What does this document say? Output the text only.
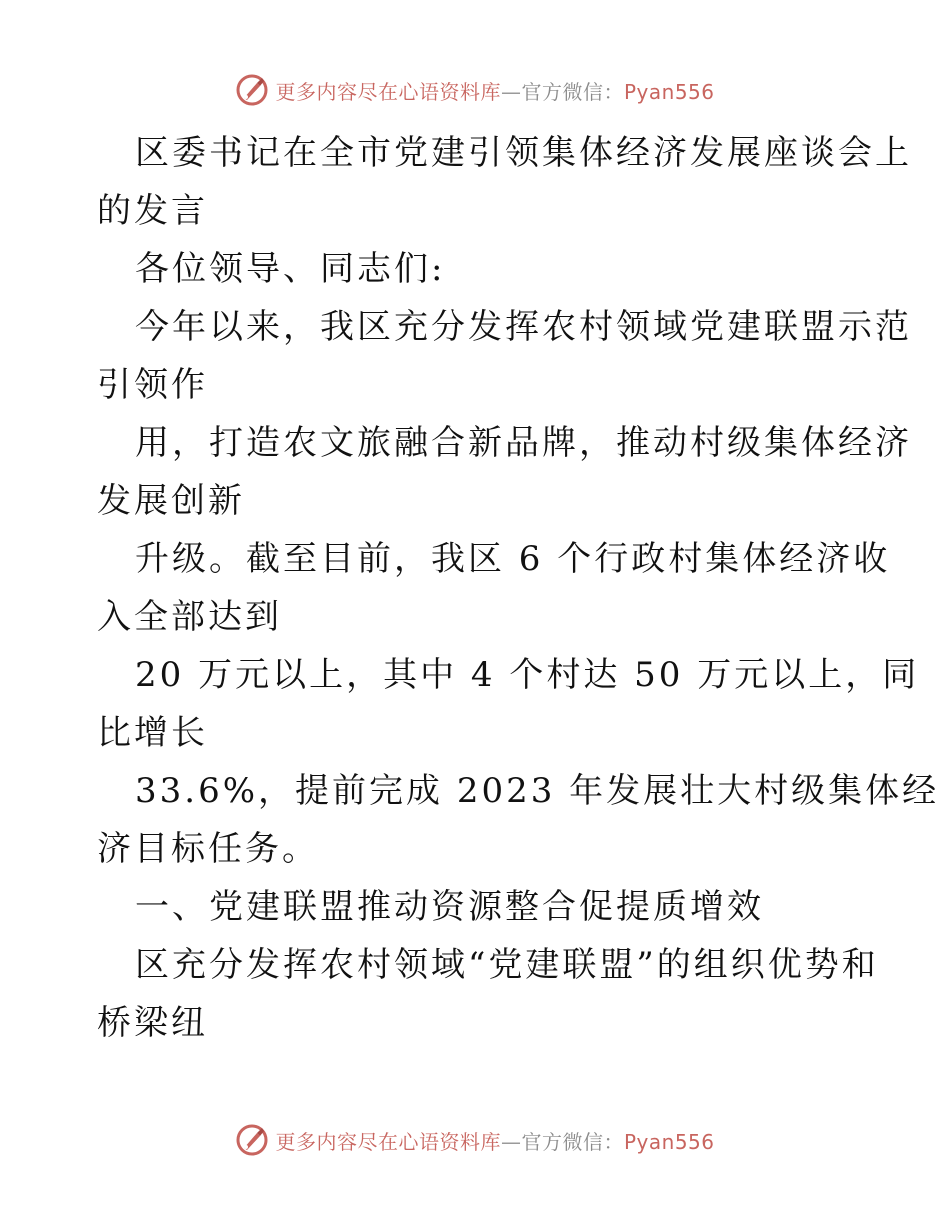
更多内容尽在心语资料库—官方微信：Pyan556
区委书记在全市党建引领集体经济发展座谈会上
的发言
各位领导、同志们:
今年以来，我区充分发挥农村领域党建联盟示范
引领作
用，打造农文旅融合新品牌，推动村级集体经济
发展创新
升级。截至目前，我区 6 个行政村集体经济收
入全部达到
20 万元以上，其中 4 个村达 50 万元以上，同
比增长
33.6%，提前完成 2023 年发展壮大村级集体经
济目标任务。
一、党建联盟推动资源整合促提质增效
区充分发挥农村领域“党建联盟”的组织优势和
桥梁纽
更多内容尽在心语资料库—官方微信：Pyan556
